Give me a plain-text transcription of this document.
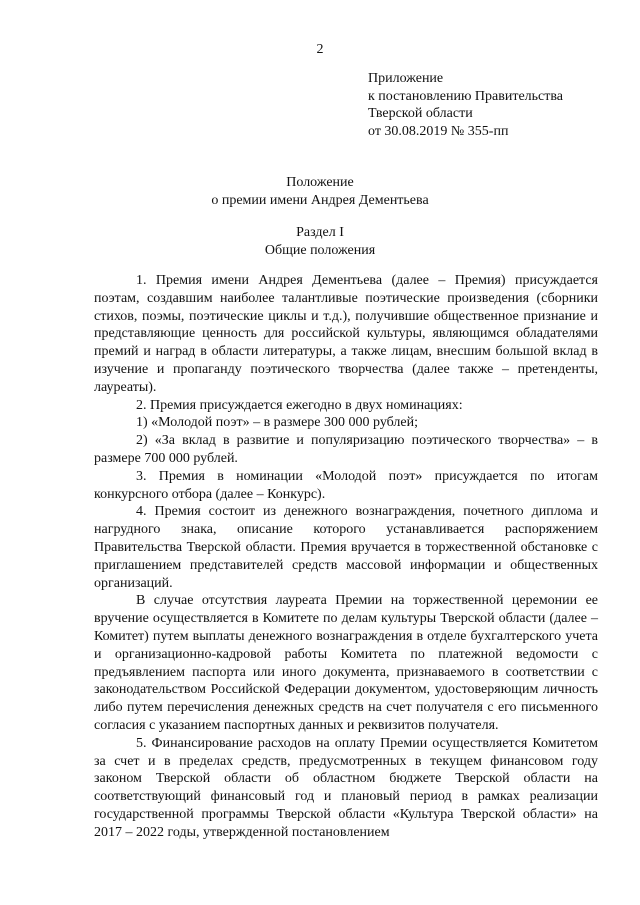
2
Приложение
к постановлению Правительства
Тверской области
от 30.08.2019 № 355-пп
Положение
о премии имени Андрея Дементьева
Раздел I
Общие положения

1. Премия имени Андрея Дементьева (далее – Премия) присуждается поэтам, создавшим наиболее талантливые поэтические произведения (сборники стихов, поэмы, поэтические циклы и т.д.), получившие общественное признание и представляющие ценность для российской культуры, являющимся обладателями премий и наград в области литературы, а также лицам, внесшим большой вклад в изучение и пропаганду поэтического творчества (далее также – претенденты, лауреаты).

2. Премия присуждается ежегодно в двух номинациях:

1) «Молодой поэт» – в размере 300 000 рублей;

2) «За вклад в развитие и популяризацию поэтического творчества» – в размере 700 000 рублей.

3. Премия в номинации «Молодой поэт» присуждается по итогам конкурсного отбора (далее – Конкурс).

4. Премия состоит из денежного вознаграждения, почетного диплома и нагрудного знака, описание которого устанавливается распоряжением Правительства Тверской области. Премия вручается в торжественной обстановке с приглашением представителей средств массовой информации и общественных организаций.

В случае отсутствия лауреата Премии на торжественной церемонии ее вручение осуществляется в Комитете по делам культуры Тверской области (далее – Комитет) путем выплаты денежного вознаграждения в отделе бухгалтерского учета и организационно-кадровой работы Комитета по платежной ведомости с предъявлением паспорта или иного документа, признаваемого в соответствии с законодательством Российской Федерации документом, удостоверяющим личность либо путем перечисления денежных средств на счет получателя с его письменного согласия с указанием паспортных данных и реквизитов получателя.

5. Финансирование расходов на оплату Премии осуществляется Комитетом за счет и в пределах средств, предусмотренных в текущем финансовом году законом Тверской области об областном бюджете Тверской области на соответствующий финансовый год и плановый период в рамках реализации государственной программы Тверской области «Культура Тверской области» на 2017 – 2022 годы, утвержденной постановлением
